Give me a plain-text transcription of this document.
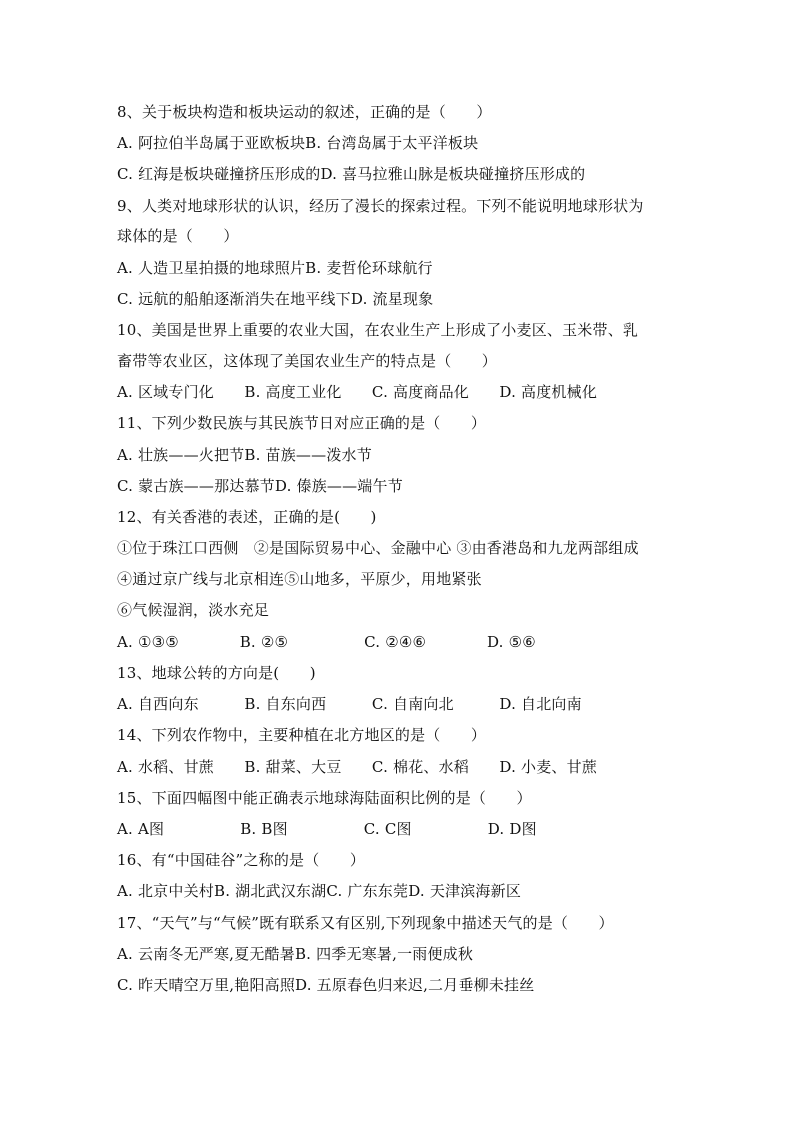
8、关于板块构造和板块运动的叙述，正确的是（　　）
A. 阿拉伯半岛属于亚欧板块B. 台湾岛属于太平洋板块
C. 红海是板块碰撞挤压形成的D. 喜马拉雅山脉是板块碰撞挤压形成的
9、人类对地球形状的认识，经历了漫长的探索过程。下列不能说明地球形状为
球体的是（　　）
A. 人造卫星拍摄的地球照片B. 麦哲伦环球航行
C. 远航的船舶逐渐消失在地平线下D. 流星现象
10、美国是世界上重要的农业大国，在农业生产上形成了小麦区、玉米带、乳
畜带等农业区，这体现了美国农业生产的特点是（　　）
A. 区域专门化　　B. 高度工业化　　C. 高度商品化　　D. 高度机械化
11、下列少数民族与其民族节日对应正确的是（　　）
A. 壮族——火把节B. 苗族——泼水节
C. 蒙古族——那达慕节D. 傣族——端午节
12、有关香港的表述，正确的是(　　)
①位于珠江口西侧　②是国际贸易中心、金融中心 ③由香港岛和九龙两部组成
④通过京广线与北京相连⑤山地多，平原少，用地紧张
⑥气候湿润，淡水充足
A. ①③⑤　　　　B. ②⑤　　　　　C. ②④⑥　　　　D. ⑤⑥
13、地球公转的方向是(　　)
A. 自西向东　　　B. 自东向西　　　C. 自南向北　　　D. 自北向南
14、下列农作物中，主要种植在北方地区的是（　　）
A. 水稻、甘蔗　　B. 甜菜、大豆　　C. 棉花、水稻　　D. 小麦、甘蔗
15、下面四幅图中能正确表示地球海陆面积比例的是（　　）
A. A图　　　　　B. B图　　　　　C. C图　　　　　D. D图
16、有“中国硅谷”之称的是（　　）
A. 北京中关村B. 湖北武汉东湖C. 广东东莞D. 天津滨海新区
17、“天气”与“气候”既有联系又有区别,下列现象中描述天气的是（　　）
A. 云南冬无严寒,夏无酷暑B. 四季无寒暑,一雨便成秋
C. 昨天晴空万里,艳阳高照D. 五原春色归来迟,二月垂柳未挂丝
